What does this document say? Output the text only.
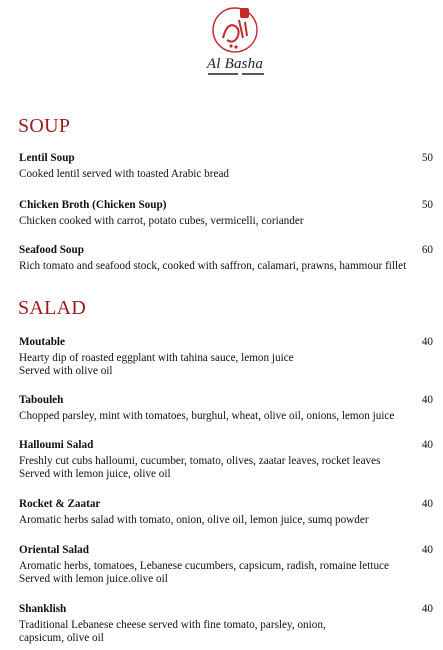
Al Basha
SOUP
Lentil Soup	50
Cooked lentil served with toasted Arabic bread
Chicken Broth (Chicken Soup)	50
Chicken cooked with carrot, potato cubes, vermicelli, coriander
Seafood Soup	60
Rich tomato and seafood stock, cooked with saffron, calamari, prawns, hammour fillet
SALAD
Moutable	40
Hearty dip of roasted eggplant with tahina sauce, lemon juice
Served with olive oil
Tabouleh	40
Chopped parsley, mint with tomatoes, burghul, wheat, olive oil, onions, lemon juice
Halloumi Salad	40
Freshly cut cubs halloumi, cucumber, tomato, olives, zaatar leaves, rocket leaves
Served with lemon juice, olive oil
Rocket & Zaatar	40
Aromatic herbs salad with tomato, onion, olive oil, lemon juice, sumq powder
Oriental Salad	40
Aromatic herbs, tomatoes, Lebanese cucumbers, capsicum, radish, romaine lettuce
Served with lemon juice.olive oil
Shanklish	40
Traditional Lebanese cheese served with fine tomato, parsley, onion,
capsicum, olive oil
